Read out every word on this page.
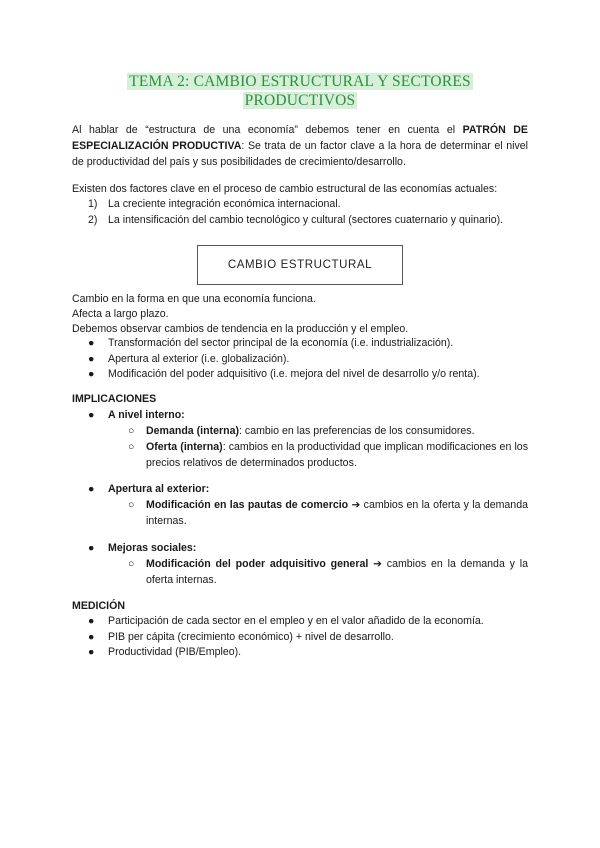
TEMA 2: CAMBIO ESTRUCTURAL Y SECTORES
PRODUCTIVOS
Al hablar de “estructura de una economía” debemos tener en cuenta el PATRÓN DE ESPECIALIZACIÓN PRODUCTIVA: Se trata de un factor clave a la hora de determinar el nivel de productividad del país y sus posibilidades de crecimiento/desarrollo.
Existen dos factores clave en el proceso de cambio estructural de las economías actuales:
1) La creciente integración económica internacional.
2) La intensificación del cambio tecnológico y cultural (sectores cuaternario y quinario).
CAMBIO ESTRUCTURAL
Cambio en la forma en que una economía funciona.
Afecta a largo plazo.
Debemos observar cambios de tendencia en la producción y el empleo.
●	Transformación del sector principal de la economía (i.e. industrialización).
●	Apertura al exterior (i.e. globalización).
●	Modificación del poder adquisitivo (i.e. mejora del nivel de desarrollo y/o renta).
IMPLICACIONES
●	A nivel interno:
○ Demanda (interna): cambio en las preferencias de los consumidores.
○ Oferta (interna): cambios en la productividad que implican modificaciones en los precios relativos de determinados productos.
●	Apertura al exterior:
○ Modificación en las pautas de comercio ➔ cambios en la oferta y la demanda internas.
●	Mejoras sociales:
○ Modificación del poder adquisitivo general ➔ cambios en la demanda y la oferta internas.
MEDICIÓN
●	Participación de cada sector en el empleo y en el valor añadido de la economía.
●	PIB per cápita (crecimiento económico) + nivel de desarrollo.
●	Productividad (PIB/Empleo).
